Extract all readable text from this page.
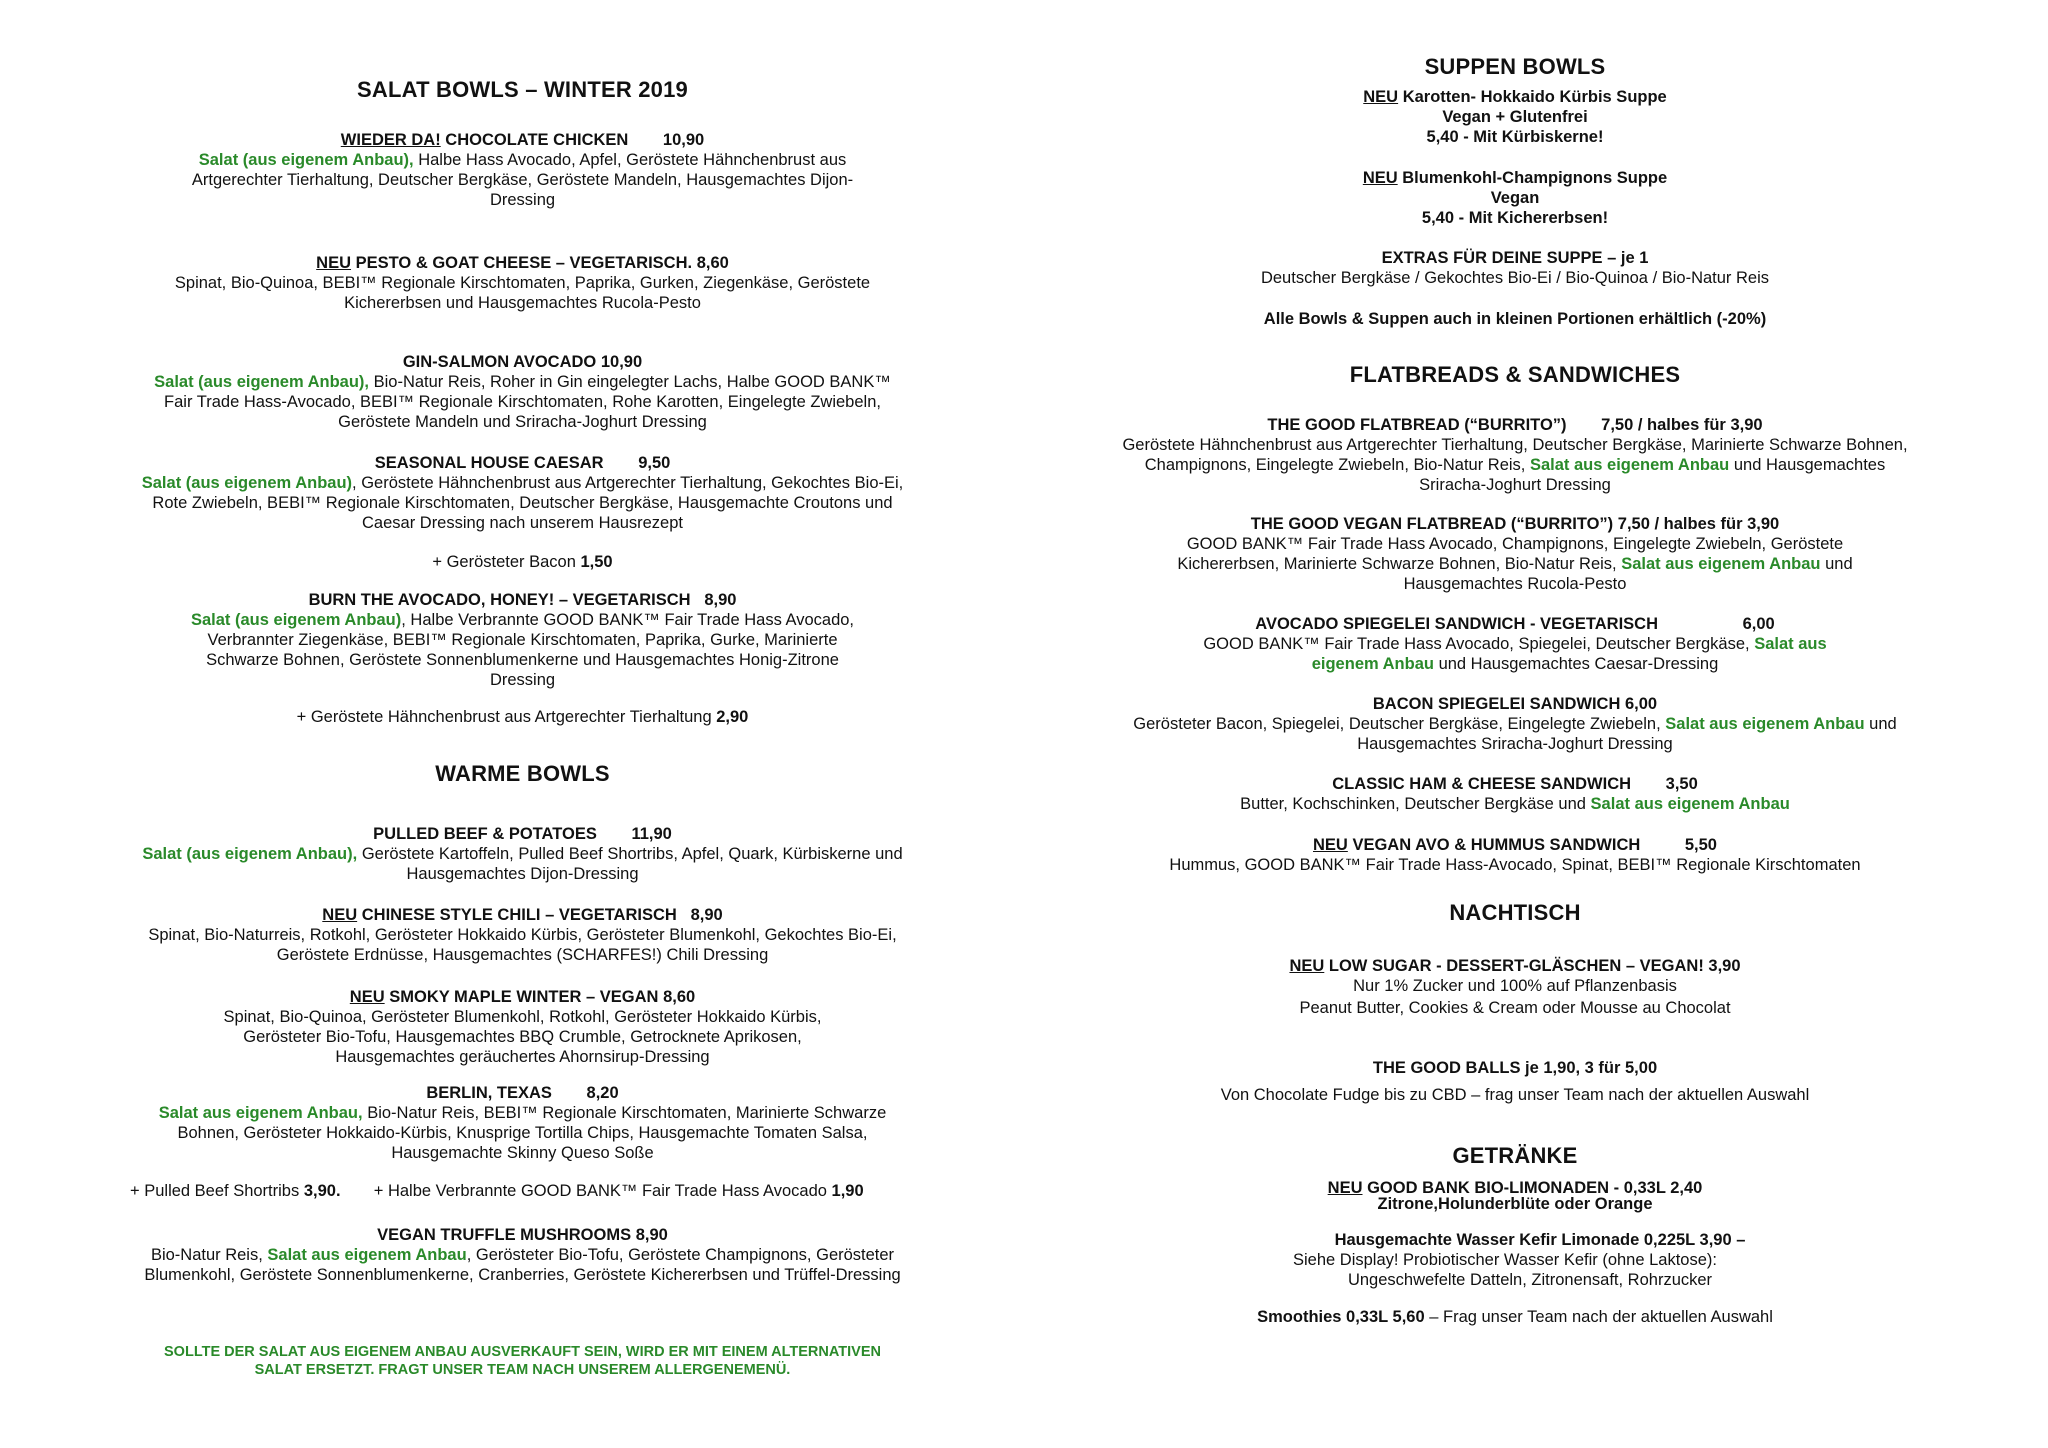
SALAT BOWLS – WINTER 2019
WIEDER DA! CHOCOLATE CHICKEN 10,90
Salat (aus eigenem Anbau), Halbe Hass Avocado, Apfel, Geröstete Hähnchenbrust aus Artgerechter Tierhaltung, Deutscher Bergkäse, Geröstete Mandeln, Hausgemachtes Dijon-Dressing
NEU PESTO & GOAT CHEESE – VEGETARISCH. 8,60
Spinat, Bio-Quinoa, BEBI™ Regionale Kirschtomaten, Paprika, Gurken, Ziegenkäse, Geröstete Kichererbsen und Hausgemachtes Rucola-Pesto
GIN-SALMON AVOCADO 10,90
Salat (aus eigenem Anbau), Bio-Natur Reis, Roher in Gin eingelegter Lachs, Halbe GOOD BANK™ Fair Trade Hass-Avocado, BEBI™ Regionale Kirschtomaten, Rohe Karotten, Eingelegte Zwiebeln, Geröstete Mandeln und Sriracha-Joghurt Dressing
SEASONAL HOUSE CAESAR 9,50
Salat (aus eigenem Anbau), Geröstete Hähnchenbrust aus Artgerechter Tierhaltung, Gekochtes Bio-Ei, Rote Zwiebeln, BEBI™ Regionale Kirschtomaten, Deutscher Bergkäse, Hausgemachte Croutons und Caesar Dressing nach unserem Hausrezept
+ Gerösteter Bacon 1,50
BURN THE AVOCADO, HONEY! – VEGETARISCH 8,90
Salat (aus eigenem Anbau), Halbe Verbrannte GOOD BANK™ Fair Trade Hass Avocado, Verbrannter Ziegenkäse, BEBI™ Regionale Kirschtomaten, Paprika, Gurke, Marinierte Schwarze Bohnen, Geröstete Sonnenblumenkerne und Hausgemachtes Honig-Zitrone Dressing
+ Geröstete Hähnchenbrust aus Artgerechter Tierhaltung 2,90
WARME BOWLS
PULLED BEEF & POTATOES 11,90
Salat (aus eigenem Anbau), Geröstete Kartoffeln, Pulled Beef Shortribs, Apfel, Quark, Kürbiskerne und Hausgemachtes Dijon-Dressing
NEU CHINESE STYLE CHILI – VEGETARISCH 8,90
Spinat, Bio-Naturreis, Rotkohl, Gerösteter Hokkaido Kürbis, Gerösteter Blumenkohl, Gekochtes Bio-Ei, Geröstete Erdnüsse, Hausgemachtes (SCHARFES!) Chili Dressing
NEU SMOKY MAPLE WINTER – VEGAN 8,60
Spinat, Bio-Quinoa, Gerösteter Blumenkohl, Rotkohl, Gerösteter Hokkaido Kürbis, Gerösteter Bio-Tofu, Hausgemachtes BBQ Crumble, Getrocknete Aprikosen, Hausgemachtes geräuchertes Ahornsirup-Dressing
BERLIN, TEXAS 8,20
Salat aus eigenem Anbau, Bio-Natur Reis, BEBI™ Regionale Kirschtomaten, Marinierte Schwarze Bohnen, Gerösteter Hokkaido-Kürbis, Knusprige Tortilla Chips, Hausgemachte Tomaten Salsa, Hausgemachte Skinny Queso Soße
+ Pulled Beef Shortribs 3,90. + Halbe Verbrannte GOOD BANK™ Fair Trade Hass Avocado 1,90
VEGAN TRUFFLE MUSHROOMS 8,90
Bio-Natur Reis, Salat aus eigenem Anbau, Gerösteter Bio-Tofu, Geröstete Champignons, Gerösteter Blumenkohl, Geröstete Sonnenblumenkerne, Cranberries, Geröstete Kichererbsen und Trüffel-Dressing
SOLLTE DER SALAT AUS EIGENEM ANBAU AUSVERKAUFT SEIN, WIRD ER MIT EINEM ALTERNATIVEN SALAT ERSETZT. FRAGT UNSER TEAM NACH UNSEREM ALLERGENEMENÜ.
SUPPEN BOWLS
NEU Karotten- Hokkaido Kürbis Suppe
Vegan + Glutenfrei
5,40 - Mit Kürbiskerne!
NEU Blumenkohl-Champignons Suppe
Vegan
5,40 - Mit Kichererbsen!
EXTRAS FÜR DEINE SUPPE – je 1
Deutscher Bergkäse / Gekochtes Bio-Ei / Bio-Quinoa / Bio-Natur Reis
Alle Bowls & Suppen auch in kleinen Portionen erhältlich (-20%)
FLATBREADS & SANDWICHES
THE GOOD FLATBREAD (“BURRITO”) 7,50 / halbes für 3,90
Geröstete Hähnchenbrust aus Artgerechter Tierhaltung, Deutscher Bergkäse, Marinierte Schwarze Bohnen, Champignons, Eingelegte Zwiebeln, Bio-Natur Reis, Salat aus eigenem Anbau und Hausgemachtes Sriracha-Joghurt Dressing
THE GOOD VEGAN FLATBREAD (“BURRITO”) 7,50 / halbes für 3,90
GOOD BANK™ Fair Trade Hass Avocado, Champignons, Eingelegte Zwiebeln, Geröstete Kichererbsen, Marinierte Schwarze Bohnen, Bio-Natur Reis, Salat aus eigenem Anbau und Hausgemachtes Rucola-Pesto
AVOCADO SPIEGELEI SANDWICH - VEGETARISCH	6,00
GOOD BANK™ Fair Trade Hass Avocado, Spiegelei, Deutscher Bergkäse, Salat aus eigenem Anbau und Hausgemachtes Caesar-Dressing
BACON SPIEGELEI SANDWICH 6,00
Gerösteter Bacon, Spiegelei, Deutscher Bergkäse, Eingelegte Zwiebeln, Salat aus eigenem Anbau und Hausgemachtes Sriracha-Joghurt Dressing
CLASSIC HAM & CHEESE SANDWICH 3,50
Butter, Kochschinken, Deutscher Bergkäse und Salat aus eigenem Anbau
NEU VEGAN AVO & HUMMUS SANDWICH	5,50
Hummus, GOOD BANK™ Fair Trade Hass-Avocado, Spinat, BEBI™ Regionale Kirschtomaten
NACHTISCH
NEU LOW SUGAR - DESSERT-GLÄSCHEN – VEGAN! 3,90
Nur 1% Zucker und 100% auf Pflanzenbasis
Peanut Butter, Cookies & Cream oder Mousse au Chocolat
THE GOOD BALLS je 1,90, 3 für 5,00
Von Chocolate Fudge bis zu CBD – frag unser Team nach der aktuellen Auswahl
GETRÄNKE
NEU GOOD BANK BIO-LIMONADEN - 0,33L 2,40
Zitrone,Holunderblüte oder Orange
Hausgemachte Wasser Kefir Limonade 0,225L 3,90 –
Siehe Display! Probiotischer Wasser Kefir (ohne Laktose):
Ungeschwefelte Datteln, Zitronensaft, Rohrzucker
Smoothies 0,33L 5,60 – Frag unser Team nach der aktuellen Auswahl
